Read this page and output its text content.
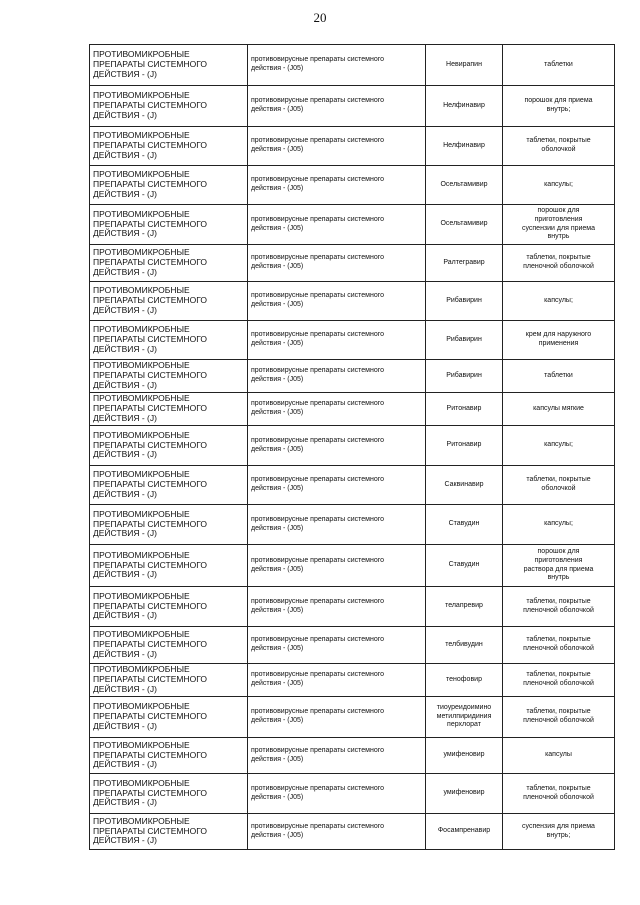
20
ПРОТИВОМИКРОБНЫЕ
ПРЕПАРАТЫ СИСТЕМНОГО
ДЕЙСТВИЯ - (J)	противовирусные препараты системного
действия - (J05)	Невирапин	таблетки

ПРОТИВОМИКРОБНЫЕ
ПРЕПАРАТЫ СИСТЕМНОГО
ДЕЙСТВИЯ - (J)	противовирусные препараты системного
действия - (J05)	Нелфинавир	порошок для приема
внутрь;

ПРОТИВОМИКРОБНЫЕ
ПРЕПАРАТЫ СИСТЕМНОГО
ДЕЙСТВИЯ - (J)	противовирусные препараты системного
действия - (J05)	Нелфинавир	таблетки, покрытые
оболочкой

ПРОТИВОМИКРОБНЫЕ
ПРЕПАРАТЫ СИСТЕМНОГО
ДЕЙСТВИЯ - (J)	противовирусные препараты системного
действия - (J05)	Осельтамивир	капсулы;

ПРОТИВОМИКРОБНЫЕ
ПРЕПАРАТЫ СИСТЕМНОГО
ДЕЙСТВИЯ - (J)	противовирусные препараты системного
действия - (J05)	Осельтамивир	порошок для
приготовления
суспензии для приема
внутрь

ПРОТИВОМИКРОБНЫЕ
ПРЕПАРАТЫ СИСТЕМНОГО
ДЕЙСТВИЯ - (J)	противовирусные препараты системного
действия - (J05)	Ралтегравир	таблетки, покрытые
пленочной оболочкой

ПРОТИВОМИКРОБНЫЕ
ПРЕПАРАТЫ СИСТЕМНОГО
ДЕЙСТВИЯ - (J)	противовирусные препараты системного
действия - (J05)	Рибавирин	капсулы;

ПРОТИВОМИКРОБНЫЕ
ПРЕПАРАТЫ СИСТЕМНОГО
ДЕЙСТВИЯ - (J)	противовирусные препараты системного
действия - (J05)	Рибавирин	крем для наружного
применения

ПРОТИВОМИКРОБНЫЕ
ПРЕПАРАТЫ СИСТЕМНОГО
ДЕЙСТВИЯ - (J)	противовирусные препараты системного
действия - (J05)	Рибавирин	таблетки

ПРОТИВОМИКРОБНЫЕ
ПРЕПАРАТЫ СИСТЕМНОГО
ДЕЙСТВИЯ - (J)	противовирусные препараты системного
действия - (J05)	Ритонавир	капсулы мягкие

ПРОТИВОМИКРОБНЫЕ
ПРЕПАРАТЫ СИСТЕМНОГО
ДЕЙСТВИЯ - (J)	противовирусные препараты системного
действия - (J05)	Ритонавир	капсулы;

ПРОТИВОМИКРОБНЫЕ
ПРЕПАРАТЫ СИСТЕМНОГО
ДЕЙСТВИЯ - (J)	противовирусные препараты системного
действия - (J05)	Саквинавир	таблетки, покрытые
оболочкой

ПРОТИВОМИКРОБНЫЕ
ПРЕПАРАТЫ СИСТЕМНОГО
ДЕЙСТВИЯ - (J)	противовирусные препараты системного
действия - (J05)	Ставудин	капсулы;

ПРОТИВОМИКРОБНЫЕ
ПРЕПАРАТЫ СИСТЕМНОГО
ДЕЙСТВИЯ - (J)	противовирусные препараты системного
действия - (J05)	Ставудин	порошок для
приготовления
раствора для приема
внутрь

ПРОТИВОМИКРОБНЫЕ
ПРЕПАРАТЫ СИСТЕМНОГО
ДЕЙСТВИЯ - (J)	противовирусные препараты системного
действия - (J05)	телапревир	таблетки, покрытые
пленочной оболочкой

ПРОТИВОМИКРОБНЫЕ
ПРЕПАРАТЫ СИСТЕМНОГО
ДЕЙСТВИЯ - (J)	противовирусные препараты системного
действия - (J05)	телбивудин	таблетки, покрытые
пленочной оболочкой

ПРОТИВОМИКРОБНЫЕ
ПРЕПАРАТЫ СИСТЕМНОГО
ДЕЙСТВИЯ - (J)	противовирусные препараты системного
действия - (J05)	тенофовир	таблетки, покрытые
пленочной оболочкой

ПРОТИВОМИКРОБНЫЕ
ПРЕПАРАТЫ СИСТЕМНОГО
ДЕЙСТВИЯ - (J)	противовирусные препараты системного
действия - (J05)	тиоуреидоимино
метилпиридиния
перхлорат	таблетки, покрытые
пленочной оболочкой

ПРОТИВОМИКРОБНЫЕ
ПРЕПАРАТЫ СИСТЕМНОГО
ДЕЙСТВИЯ - (J)	противовирусные препараты системного
действия - (J05)	умифеновир	капсулы

ПРОТИВОМИКРОБНЫЕ
ПРЕПАРАТЫ СИСТЕМНОГО
ДЕЙСТВИЯ - (J)	противовирусные препараты системного
действия - (J05)	умифеновир	таблетки, покрытые
пленочной оболочкой

ПРОТИВОМИКРОБНЫЕ
ПРЕПАРАТЫ СИСТЕМНОГО
ДЕЙСТВИЯ - (J)	противовирусные препараты системного
действия - (J05)	Фосампренавир	суспензия для приема
внутрь;
